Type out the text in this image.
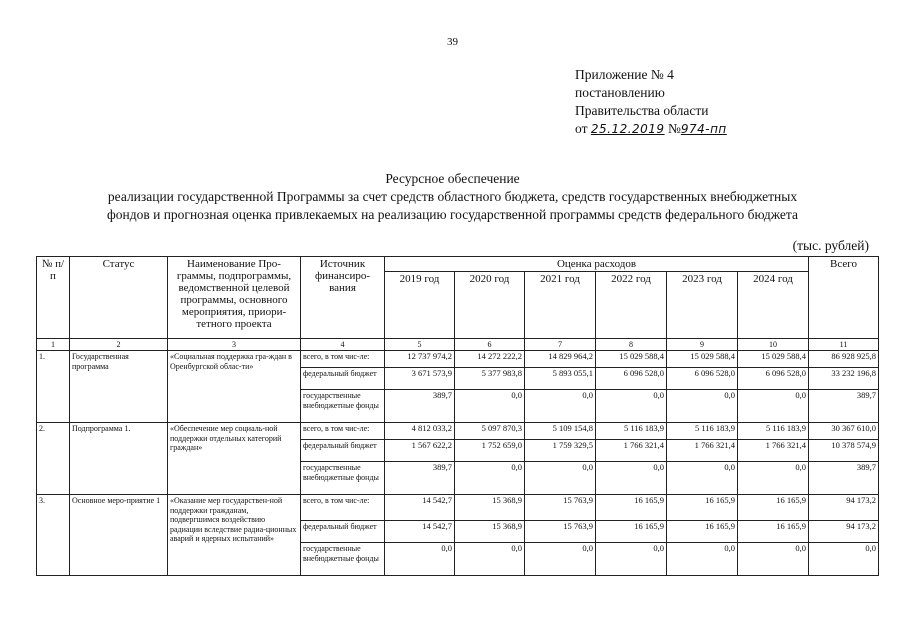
39
Приложение № 4
постановлению
Правительства области
от 25.12.2019 №974-пп
Ресурсное обеспечение
реализации государственной Программы за счет средств областного бюджета, средств государственных внебюджетных
фондов и прогнозная оценка привлекаемых на реализацию государственной программы средств федерального бюджета
(тыс. рублей)
№ п/п	Статус	Наименование Про-граммы, подпрограммы, ведомственной целевой программы, основного мероприятия, приори-тетного проекта	Источник финансиро-вания	Оценка расходов						Всего
				2019 год	2020 год	2021 год	2022 год	2023 год	2024 год	
1	2	3	4	5	6	7	8	9	10	11
1.	Государственная программа	«Социальная поддержка гра-ждан в Оренбургской облас-ти»	всего, в том чис-ле:	12 737 974,2	14 272 222,2	14 829 964,2	15 029 588,4	15 029 588,4	15 029 588,4	86 928 925,8
			федеральный бюджет	3 671 573,9	5 377 983,8	5 893 055,1	6 096 528,0	6 096 528,0	6 096 528,0	33 232 196,8
			государственные внебюджетные фонды	389,7	0,0	0,0	0,0	0,0	0,0	389,7
2.	Подпрограмма 1.	«Обеспечение мер социаль-ной поддержки отдельных категорий граждан»	всего, в том чис-ле:	4 812 033,2	5 097 870,3	5 109 154,8	5 116 183,9	5 116 183,9	5 116 183,9	30 367 610,0
			федеральный бюджет	1 567 622,2	1 752 659,0	1 759 329,5	1 766 321,4	1 766 321,4	1 766 321,4	10 378 574,9
			государственные внебюджетные фонды	389,7	0,0	0,0	0,0	0,0	0,0	389,7
3.	Основное меро-приятие 1	«Оказание мер государствен-ной поддержки гражданам, подвергшимся воздействию радиации вследствие радиа-ционных аварий и ядерных испытаний»	всего, в том чис-ле:	14 542,7	15 368,9	15 763,9	16 165,9	16 165,9	16 165,9	94 173,2
			федеральный бюджет	14 542,7	15 368,9	15 763,9	16 165,9	16 165,9	16 165,9	94 173,2
			государственные внебюджетные фонды	0,0	0,0	0,0	0,0	0,0	0,0	0,0
